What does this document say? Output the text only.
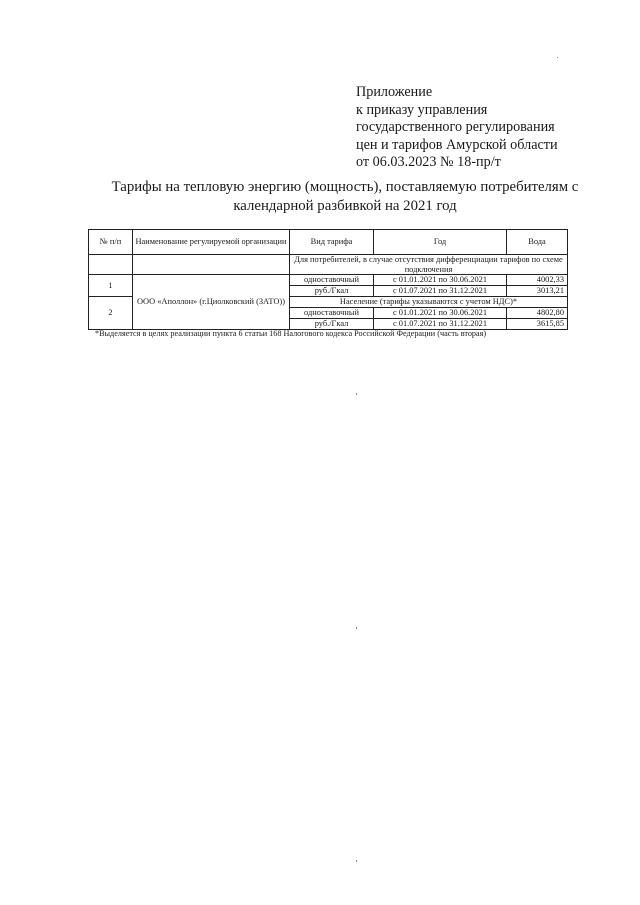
Приложение
к приказу управления
государственного регулирования
цен и тарифов Амурской области
от 06.03.2023 № 18-пр/т
Тарифы на тепловую энергию (мощность), поставляемую потребителям с
календарной разбивкой на 2021 год
№ п/п	Наименование регулируемой организации	Вид тарифа	Год	Вода
		Для потребителей, в случае отсутствия дифференциации тарифов по схеме подключения		
1	ООО «Аполлон» (г.Циолковский (ЗАТО))	одноставочный	с 01.01.2021 по 30.06.2021	4002,33
		руб./Гкал	с 01.07.2021 по 31.12.2021	3013,21
2		Население (тарифы указываются с учетом НДС)*		
		одноставочный	с 01.01.2021 по 30.06.2021	4802,80
		руб./Гкал	с 01.07.2021 по 31.12.2021	3615,85
*Выделяется в целях реализации пункта 6 статьи 168 Налогового кодекса Российской Федерации (часть вторая)
